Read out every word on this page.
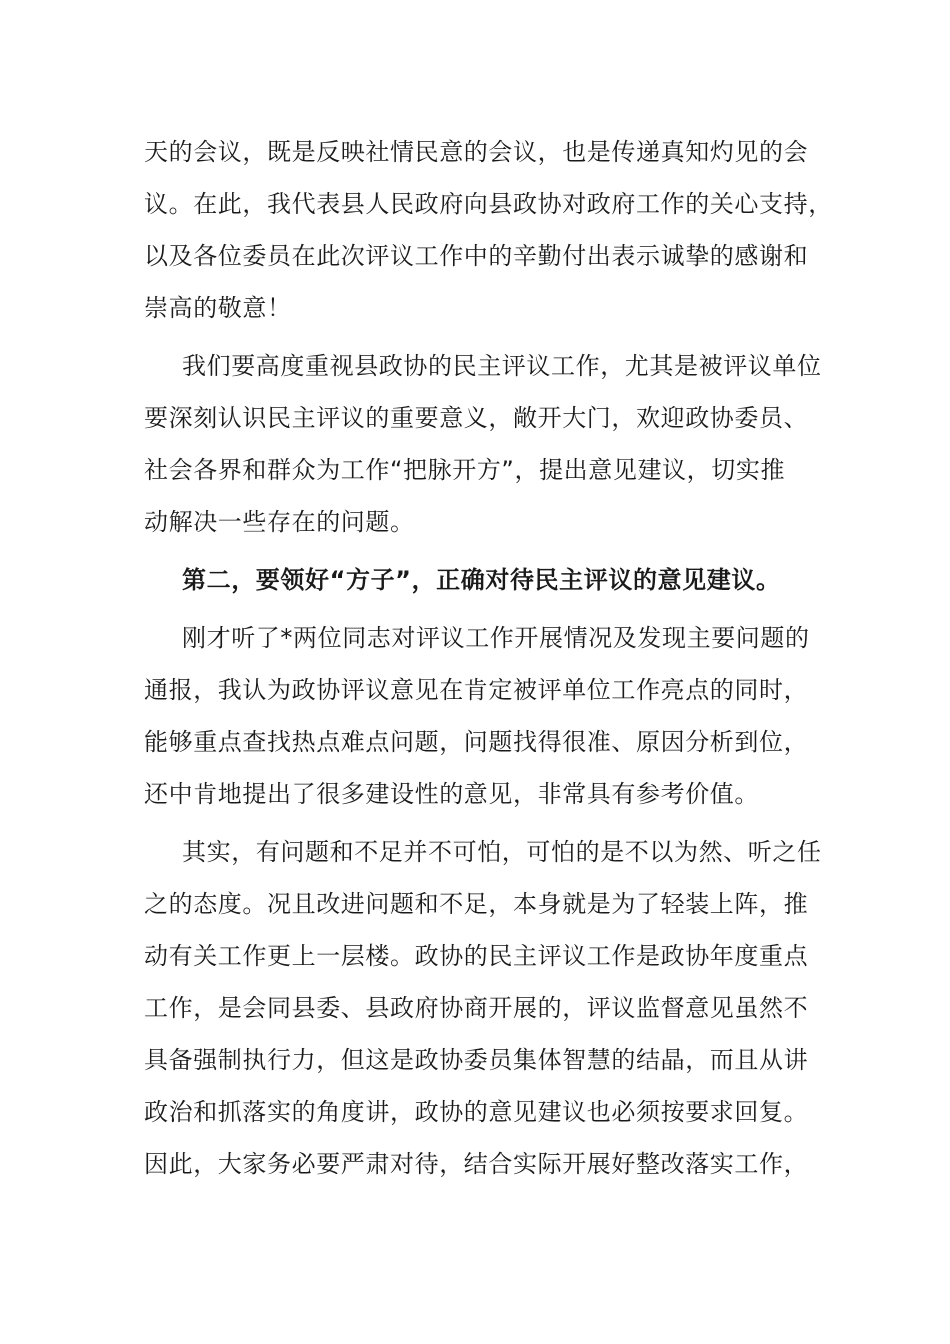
天的会议，既是反映社情民意的会议，也是传递真知灼见的会
议。在此，我代表县人民政府向县政协对政府工作的关心支持，
以及各位委员在此次评议工作中的辛勤付出表示诚挚的感谢和
崇高的敬意！

我们要高度重视县政协的民主评议工作，尤其是被评议单位
要深刻认识民主评议的重要意义，敞开大门，欢迎政协委员、
社会各界和群众为工作“把脉开方”，提出意见建议，切实推
动解决一些存在的问题。

第二，要领好“方子”，正确对待民主评议的意见建议。

刚才听了*两位同志对评议工作开展情况及发现主要问题的
通报，我认为政协评议意见在肯定被评单位工作亮点的同时，
能够重点查找热点难点问题，问题找得很准、原因分析到位，
还中肯地提出了很多建设性的意见，非常具有参考价值。

其实，有问题和不足并不可怕，可怕的是不以为然、听之任
之的态度。况且改进问题和不足，本身就是为了轻装上阵，推
动有关工作更上一层楼。政协的民主评议工作是政协年度重点
工作，是会同县委、县政府协商开展的，评议监督意见虽然不
具备强制执行力，但这是政协委员集体智慧的结晶，而且从讲
政治和抓落实的角度讲，政协的意见建议也必须按要求回复。
因此，大家务必要严肃对待，结合实际开展好整改落实工作，
